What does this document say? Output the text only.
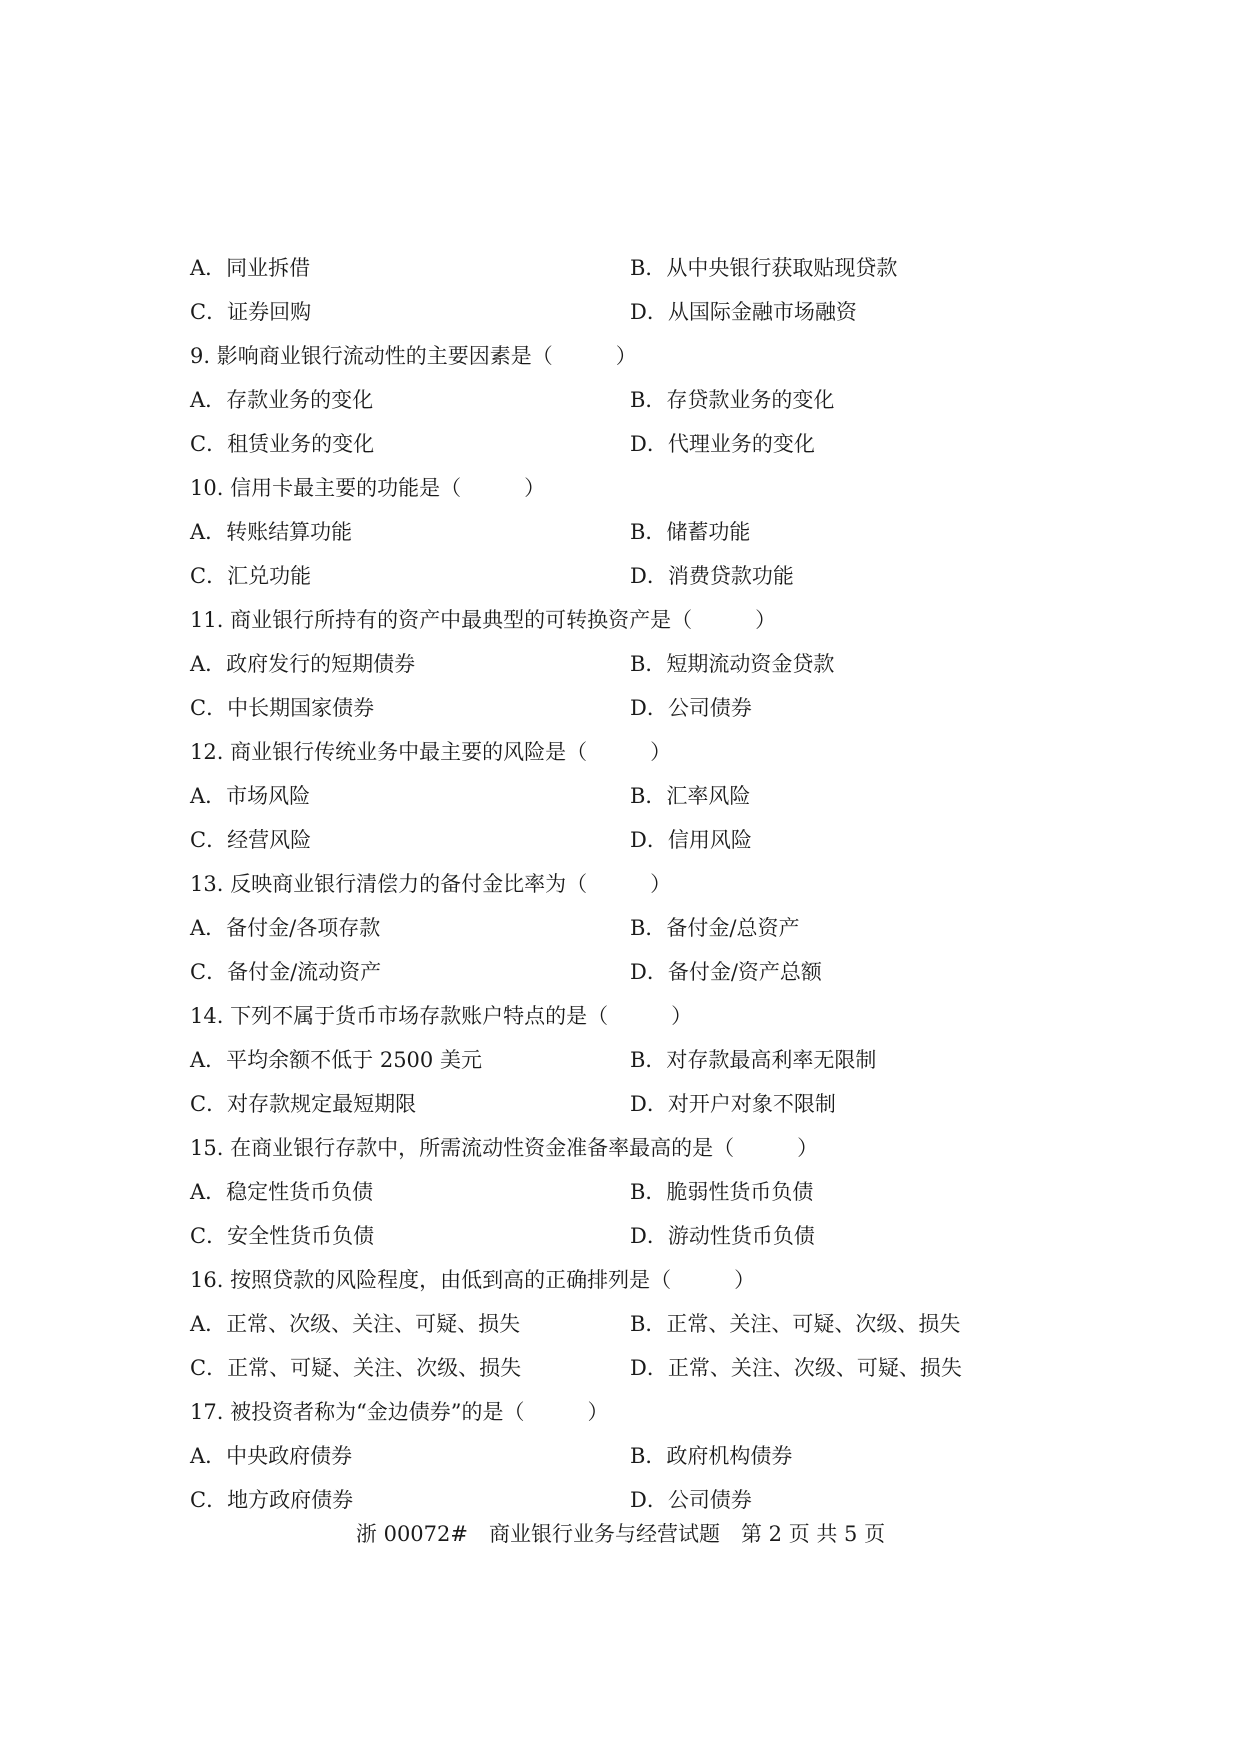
A．同业拆借	B．从中央银行获取贴现贷款
C．证券回购	D．从国际金融市场融资
9. 影响商业银行流动性的主要因素是（　　　）
A．存款业务的变化	B．存贷款业务的变化
C．租赁业务的变化	D．代理业务的变化
10. 信用卡最主要的功能是（　　　）
A．转账结算功能	B．储蓄功能
C．汇兑功能	D．消费贷款功能
11. 商业银行所持有的资产中最典型的可转换资产是（　　　）
A．政府发行的短期债券	B．短期流动资金贷款
C．中长期国家债券	D．公司债券
12. 商业银行传统业务中最主要的风险是（　　　）
A．市场风险	B．汇率风险
C．经营风险	D．信用风险
13. 反映商业银行清偿力的备付金比率为（　　　）
A．备付金/各项存款	B．备付金/总资产
C．备付金/流动资产	D．备付金/资产总额
14. 下列不属于货币市场存款账户特点的是（　　　）
A．平均余额不低于 2500 美元	B．对存款最高利率无限制
C．对存款规定最短期限	D．对开户对象不限制
15. 在商业银行存款中，所需流动性资金准备率最高的是（　　　）
A．稳定性货币负债	B．脆弱性货币负债
C．安全性货币负债	D．游动性货币负债
16. 按照贷款的风险程度，由低到高的正确排列是（　　　）
A．正常、次级、关注、可疑、损失	B．正常、关注、可疑、次级、损失
C．正常、可疑、关注、次级、损失	D．正常、关注、次级、可疑、损失
17. 被投资者称为“金边债券”的是（　　　）
A．中央政府债券	B．政府机构债券
C．地方政府债券	D．公司债券
浙 00072#　商业银行业务与经营试题　第 2 页 共 5 页
